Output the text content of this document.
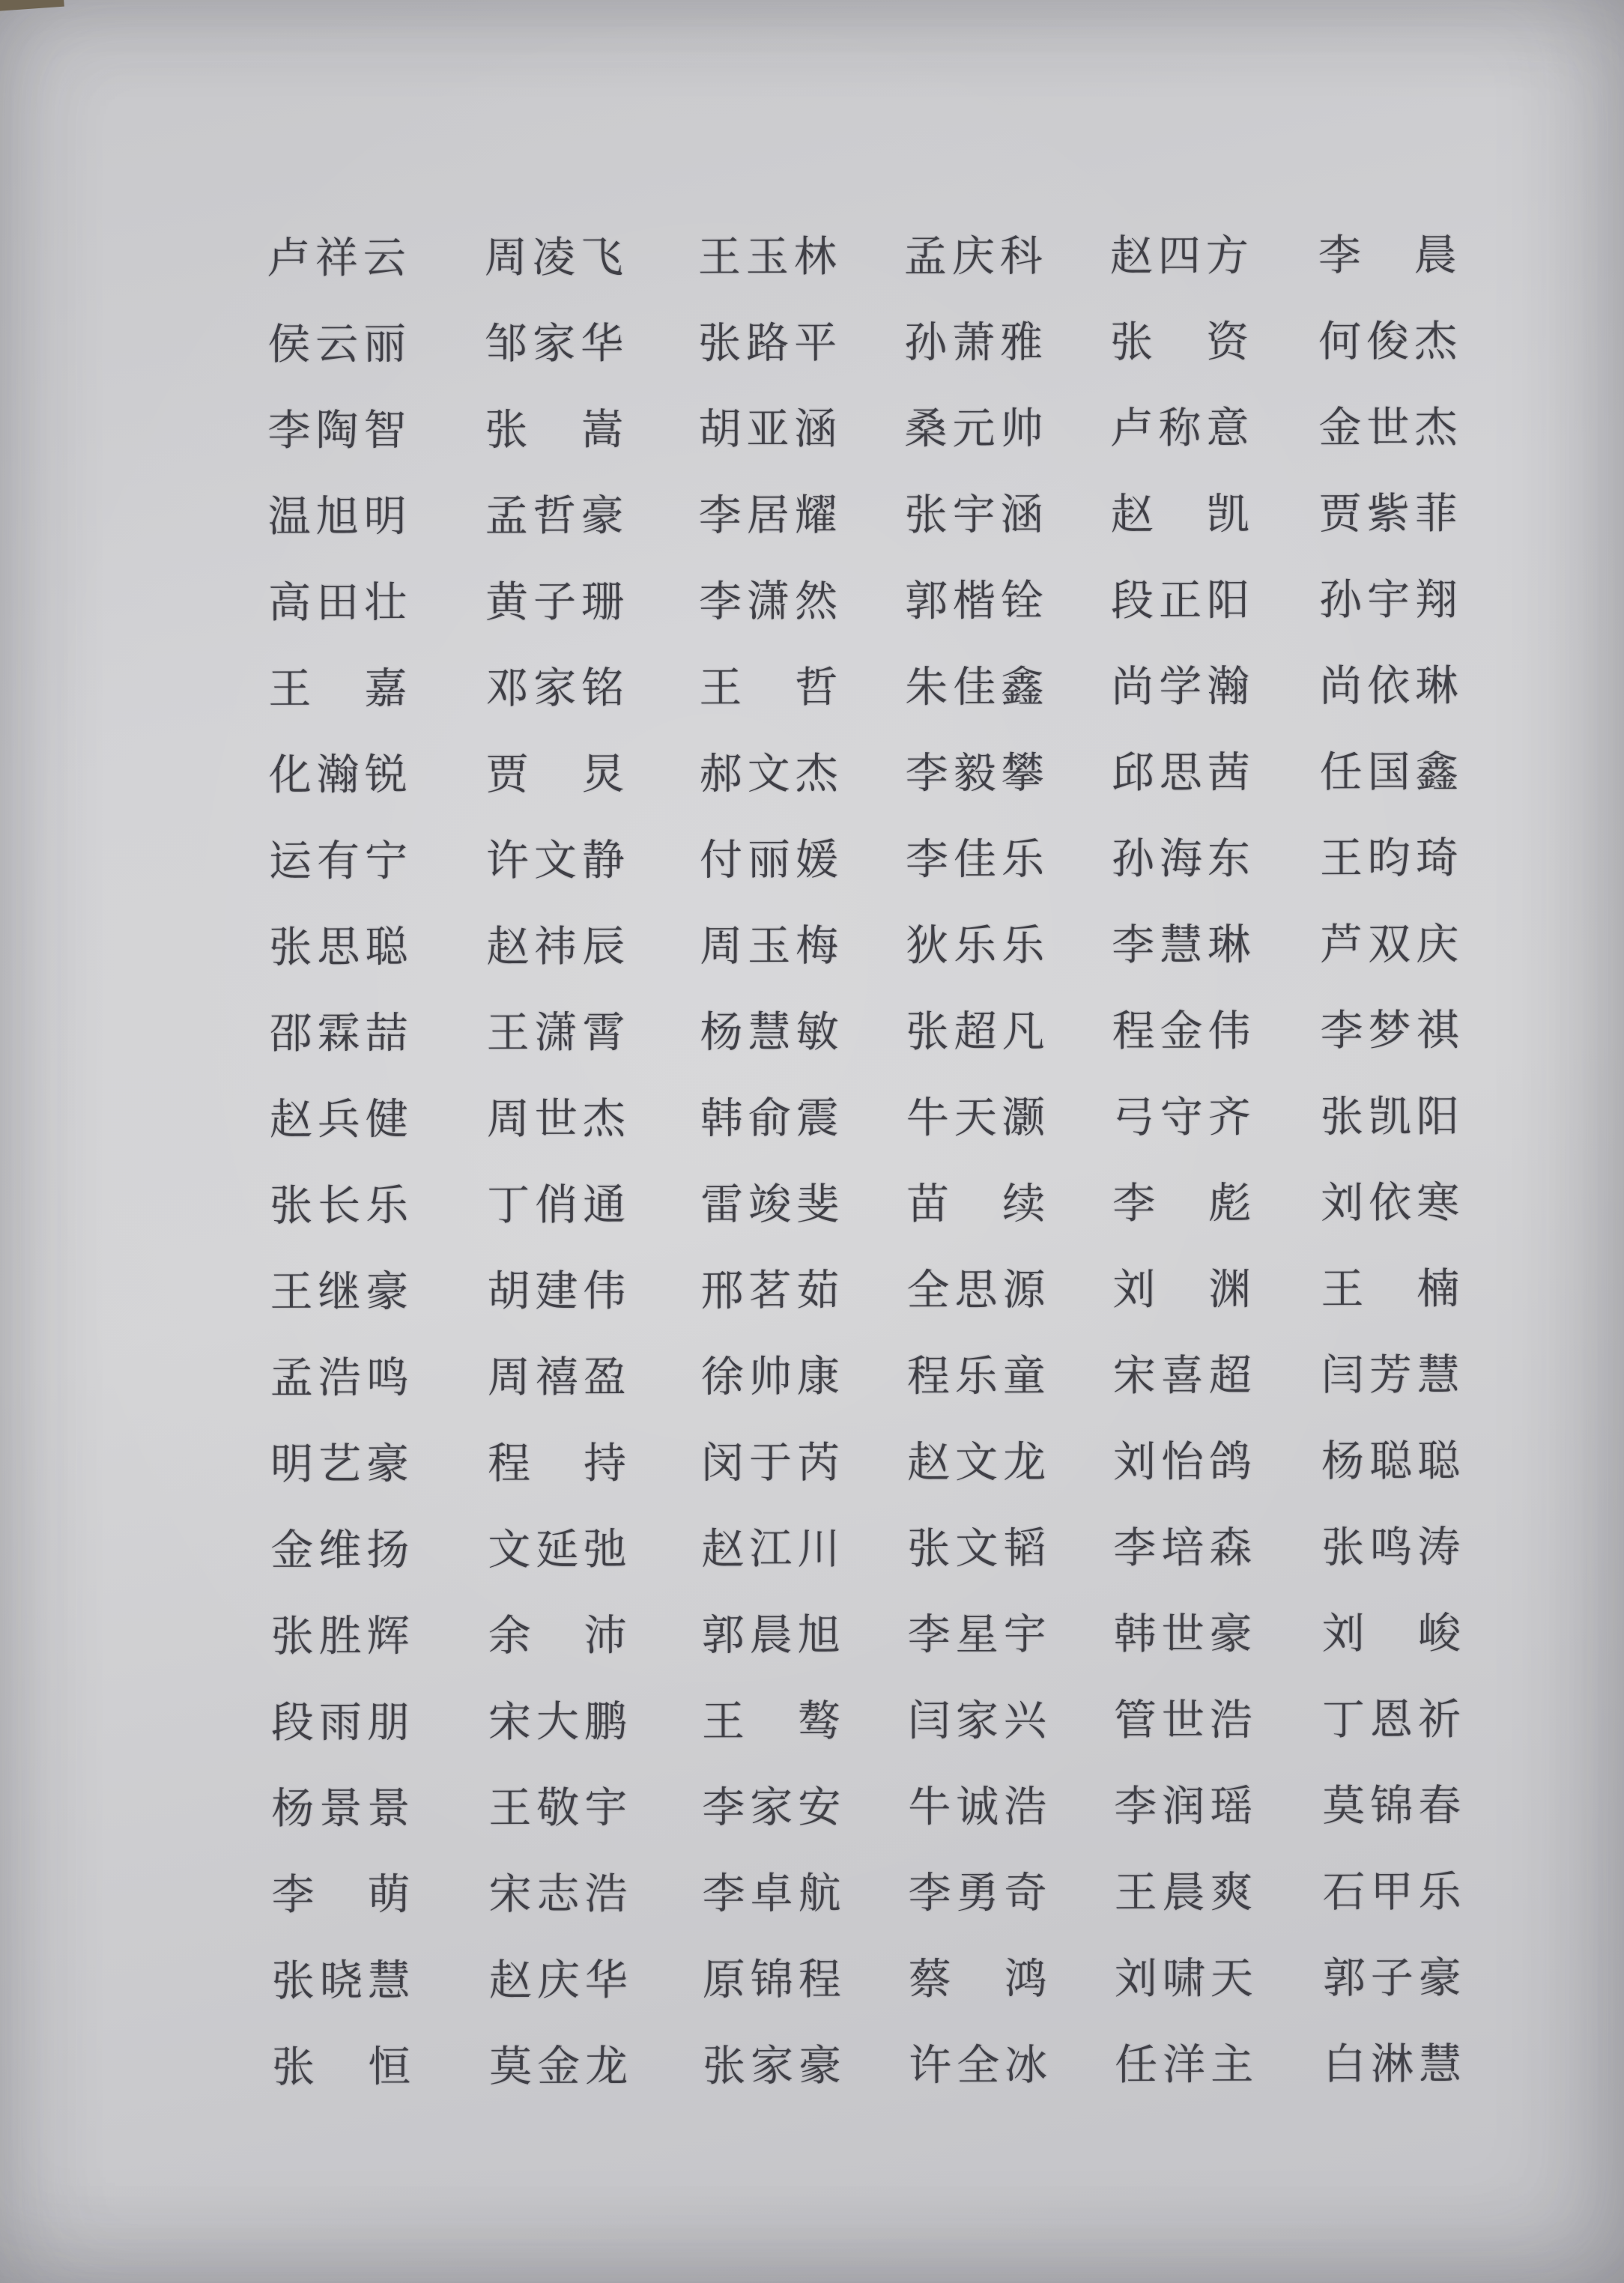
卢祥云	周凌飞	王玉林	孟庆科	赵四方	李　晨
侯云丽	邹家华	张路平	孙萧雅	张　资	何俊杰
李陶智	张　嵩	胡亚涵	桑元帅	卢称意	金世杰
温旭明	孟哲豪	李居耀	张宇涵	赵　凯	贾紫菲
高田壮	黄子珊	李潇然	郭楷铨	段正阳	孙宇翔
王　嘉	邓家铭	王　哲	朱佳鑫	尚学瀚	尚依琳
化瀚锐	贾　炅	郝文杰	李毅攀	邱思茜	任国鑫
运有宁	许文静	付丽媛	李佳乐	孙海东	王昀琦
张思聪	赵祎辰	周玉梅	狄乐乐	李慧琳	芦双庆
邵霖喆	王潇霄	杨慧敏	张超凡	程金伟	李梦祺
赵兵健	周世杰	韩俞震	牛天灏	弓守齐	张凯阳
张长乐	丁俏通	雷竣斐	苗　续	李　彪	刘依寒
王继豪	胡建伟	邢茗茹	全思源	刘　渊	王　楠
孟浩鸣	周禧盈	徐帅康	程乐童	宋喜超	闫芳慧
明艺豪	程　持	闵于芮	赵文龙	刘怡鸽	杨聪聪
金维扬	文延弛	赵江川	张文韬	李培森	张鸣涛
张胜辉	余　沛	郭晨旭	李星宇	韩世豪	刘　峻
段雨朋	宋大鹏	王　骜	闫家兴	管世浩	丁恩祈
杨景景	王敬宇	李家安	牛诚浩	李润瑶	莫锦春
李　萌	宋志浩	李卓航	李勇奇	王晨爽	石甲乐
张晓慧	赵庆华	原锦程	蔡　鸿	刘啸天	郭子豪
张　恒	莫金龙	张家豪	许全冰	任洋主	白淋慧
